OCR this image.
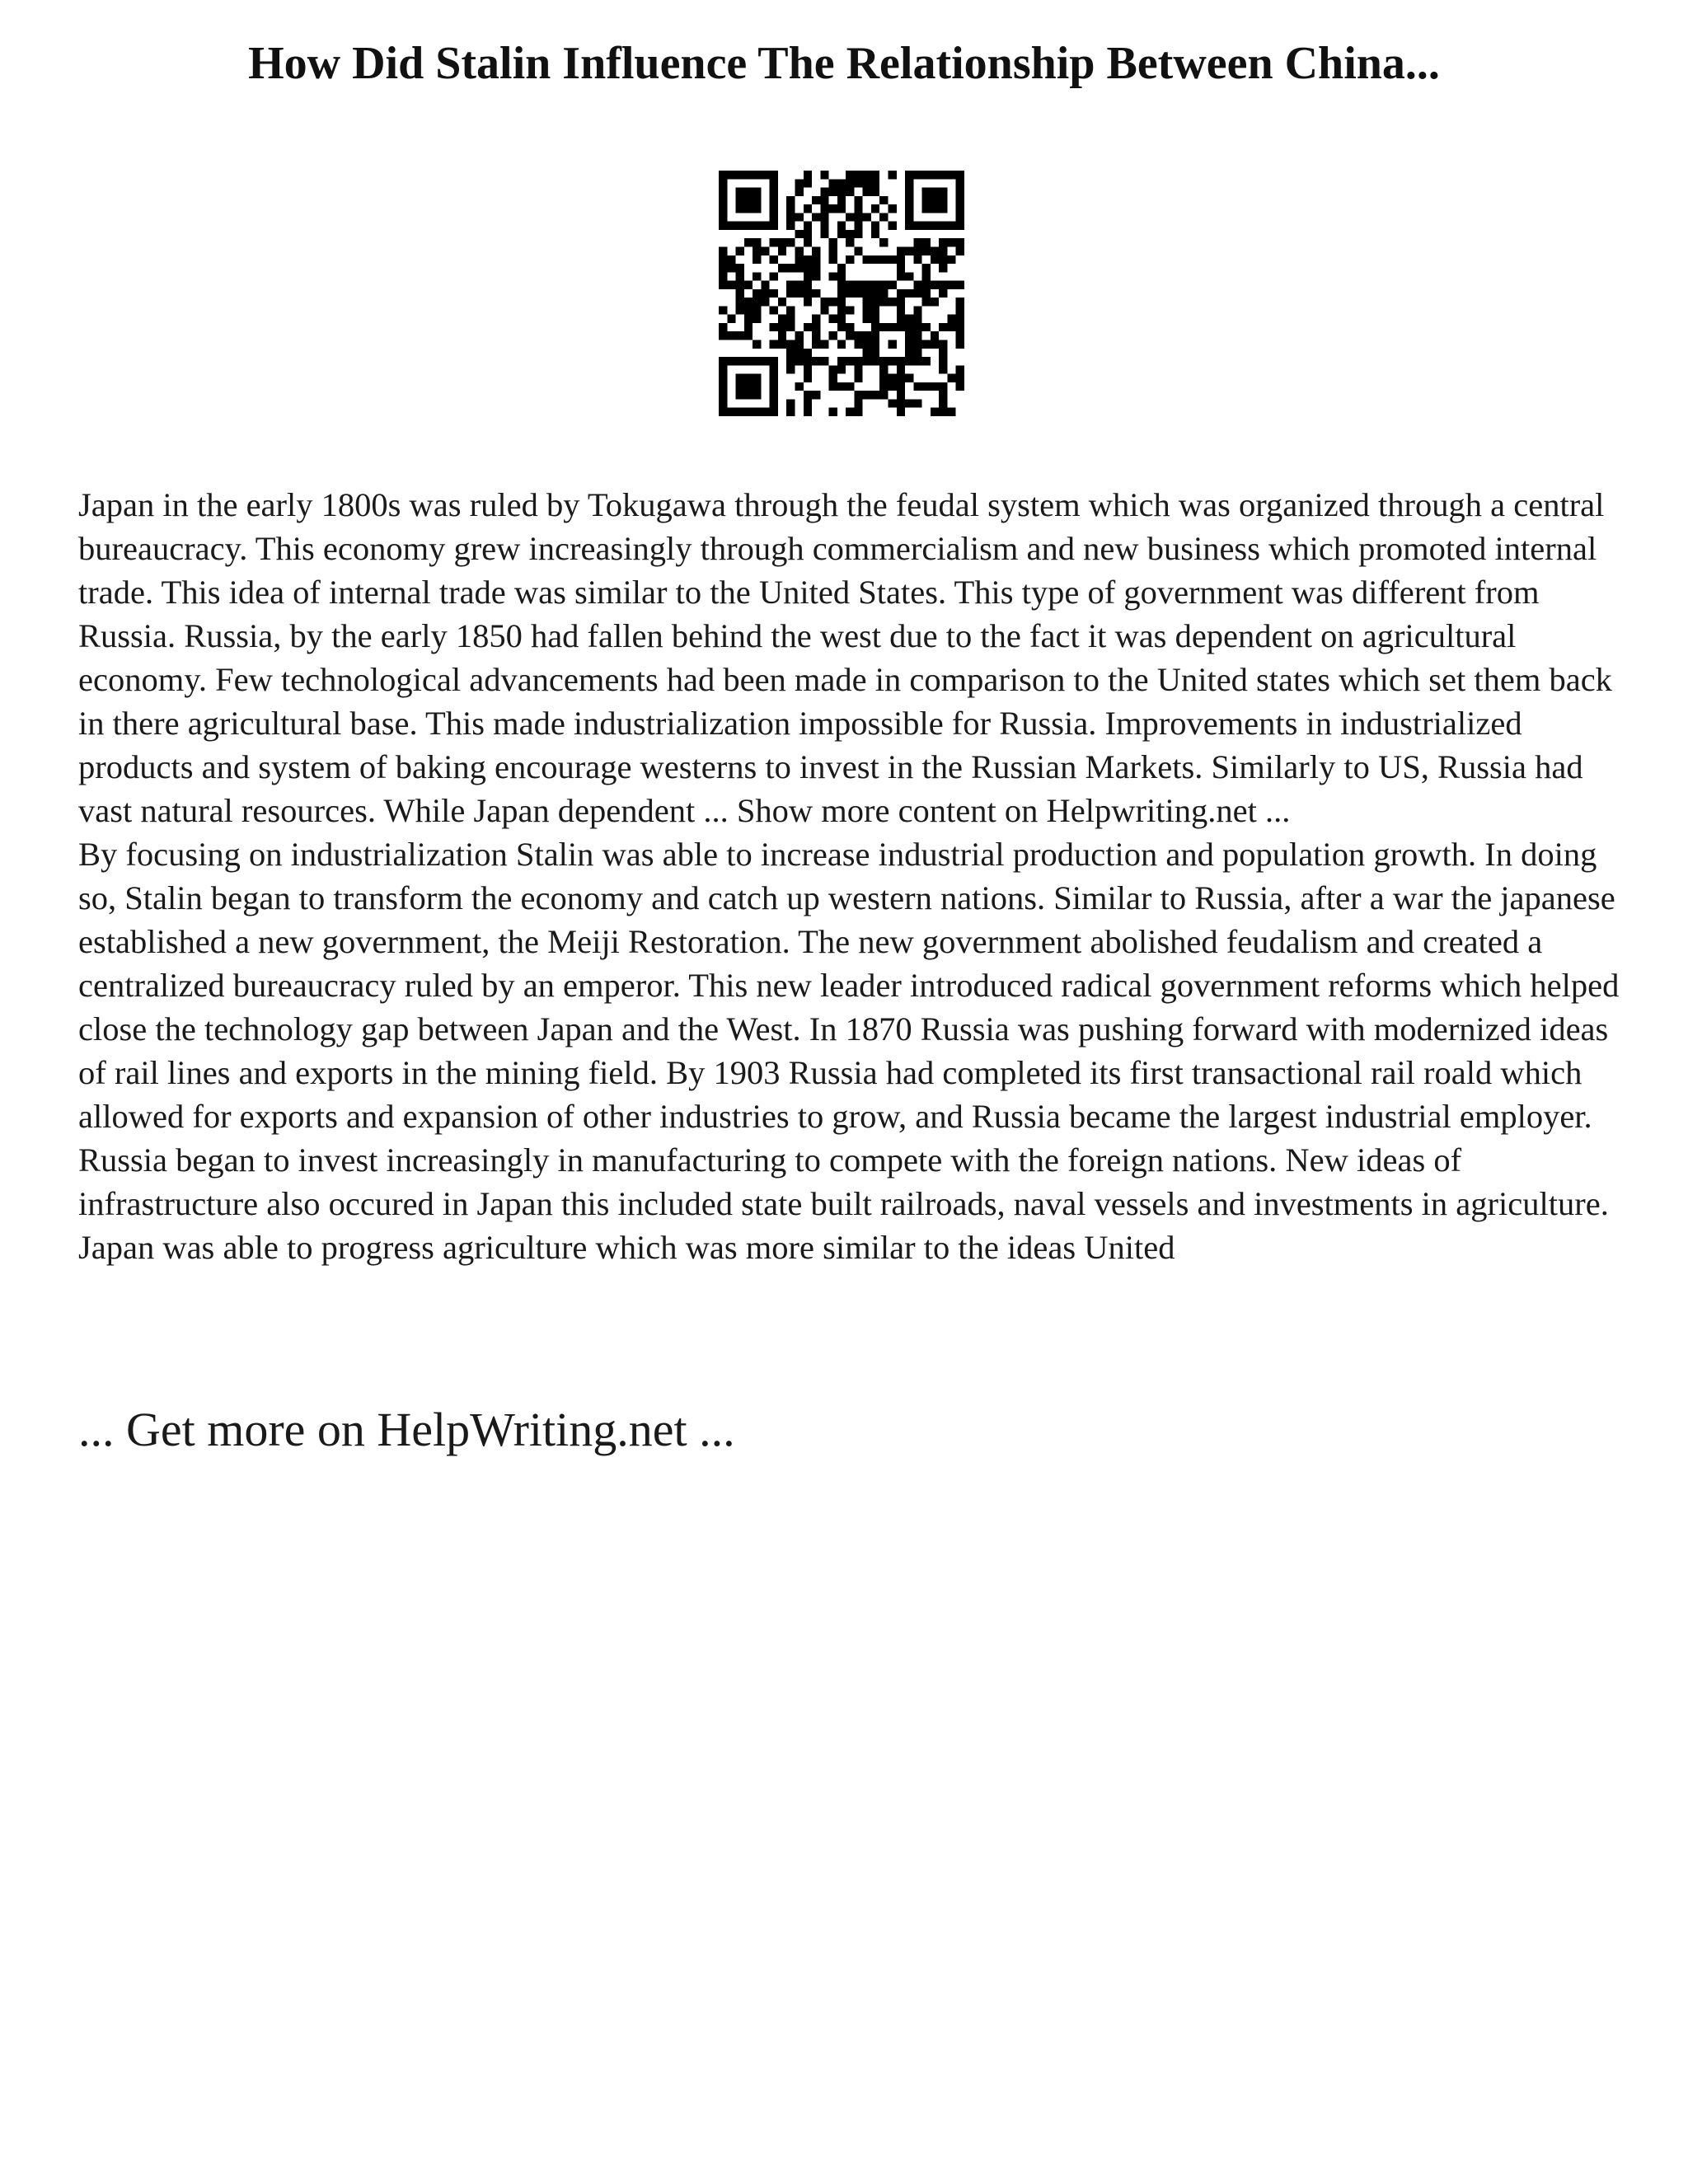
How Did Stalin Influence The Relationship Between China...

Japan in the early 1800s was ruled by Tokugawa through the feudal system which was organized through a central bureaucracy. This economy grew increasingly through commercialism and new business which promoted internal trade. This idea of internal trade was similar to the United States. This type of government was different from Russia. Russia, by the early 1850 had fallen behind the west due to the fact it was dependent on agricultural economy. Few technological advancements had been made in comparison to the United states which set them back in there agricultural base. This made industrialization impossible for Russia. Improvements in industrialized products and system of baking encourage westerns to invest in the Russian Markets. Similarly to US, Russia had vast natural resources. While Japan dependent ... Show more content on Helpwriting.net ...

By focusing on industrialization Stalin was able to increase industrial production and population growth. In doing so, Stalin began to transform the economy and catch up western nations. Similar to Russia, after a war the japanese established a new government, the Meiji Restoration. The new government abolished feudalism and created a centralized bureaucracy ruled by an emperor. This new leader introduced radical government reforms which helped close the technology gap between Japan and the West. In 1870 Russia was pushing forward with modernized ideas of rail lines and exports in the mining field. By 1903 Russia had completed its first transactional rail roald which allowed for exports and expansion of other industries to grow, and Russia became the largest industrial employer. Russia began to invest increasingly in manufacturing to compete with the foreign nations. New ideas of infrastructure also occured in Japan this included state built railroads, naval vessels and investments in agriculture. Japan was able to progress agriculture which was more similar to the ideas United

... Get more on HelpWriting.net ...
